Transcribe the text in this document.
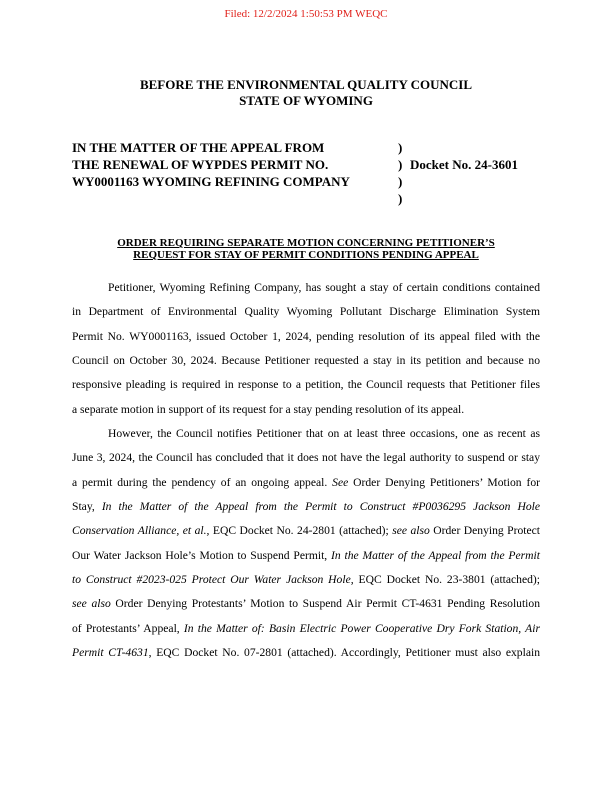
Filed: 12/2/2024 1:50:53 PM WEQC
BEFORE THE ENVIRONMENTAL QUALITY COUNCIL
STATE OF WYOMING
IN THE MATTER OF THE APPEAL FROM	)
THE RENEWAL OF WYPDES PERMIT NO.	) Docket No. 24-3601
WY0001163 WYOMING REFINING COMPANY	)
)
ORDER REQUIRING SEPARATE MOTION CONCERNING PETITIONER’S
REQUEST FOR STAY OF PERMIT CONDITIONS PENDING APPEAL
Petitioner, Wyoming Refining Company, has sought a stay of certain conditions contained
in Department of Environmental Quality Wyoming Pollutant Discharge Elimination System
Permit No. WY0001163, issued October 1, 2024, pending resolution of its appeal filed with the
Council on October 30, 2024. Because Petitioner requested a stay in its petition and because no
responsive pleading is required in response to a petition, the Council requests that Petitioner files
a separate motion in support of its request for a stay pending resolution of its appeal.
However, the Council notifies Petitioner that on at least three occasions, one as recent as
June 3, 2024, the Council has concluded that it does not have the legal authority to suspend or stay
a permit during the pendency of an ongoing appeal. See Order Denying Petitioners’ Motion for
Stay, In the Matter of the Appeal from the Permit to Construct #P0036295 Jackson Hole
Conservation Alliance, et al., EQC Docket No. 24-2801 (attached); see also Order Denying Protect
Our Water Jackson Hole’s Motion to Suspend Permit, In the Matter of the Appeal from the Permit
to Construct #2023-025 Protect Our Water Jackson Hole, EQC Docket No. 23-3801 (attached);
see also Order Denying Protestants’ Motion to Suspend Air Permit CT-4631 Pending Resolution
of Protestants’ Appeal, In the Matter of: Basin Electric Power Cooperative Dry Fork Station, Air
Permit CT-4631, EQC Docket No. 07-2801 (attached). Accordingly, Petitioner must also explain
